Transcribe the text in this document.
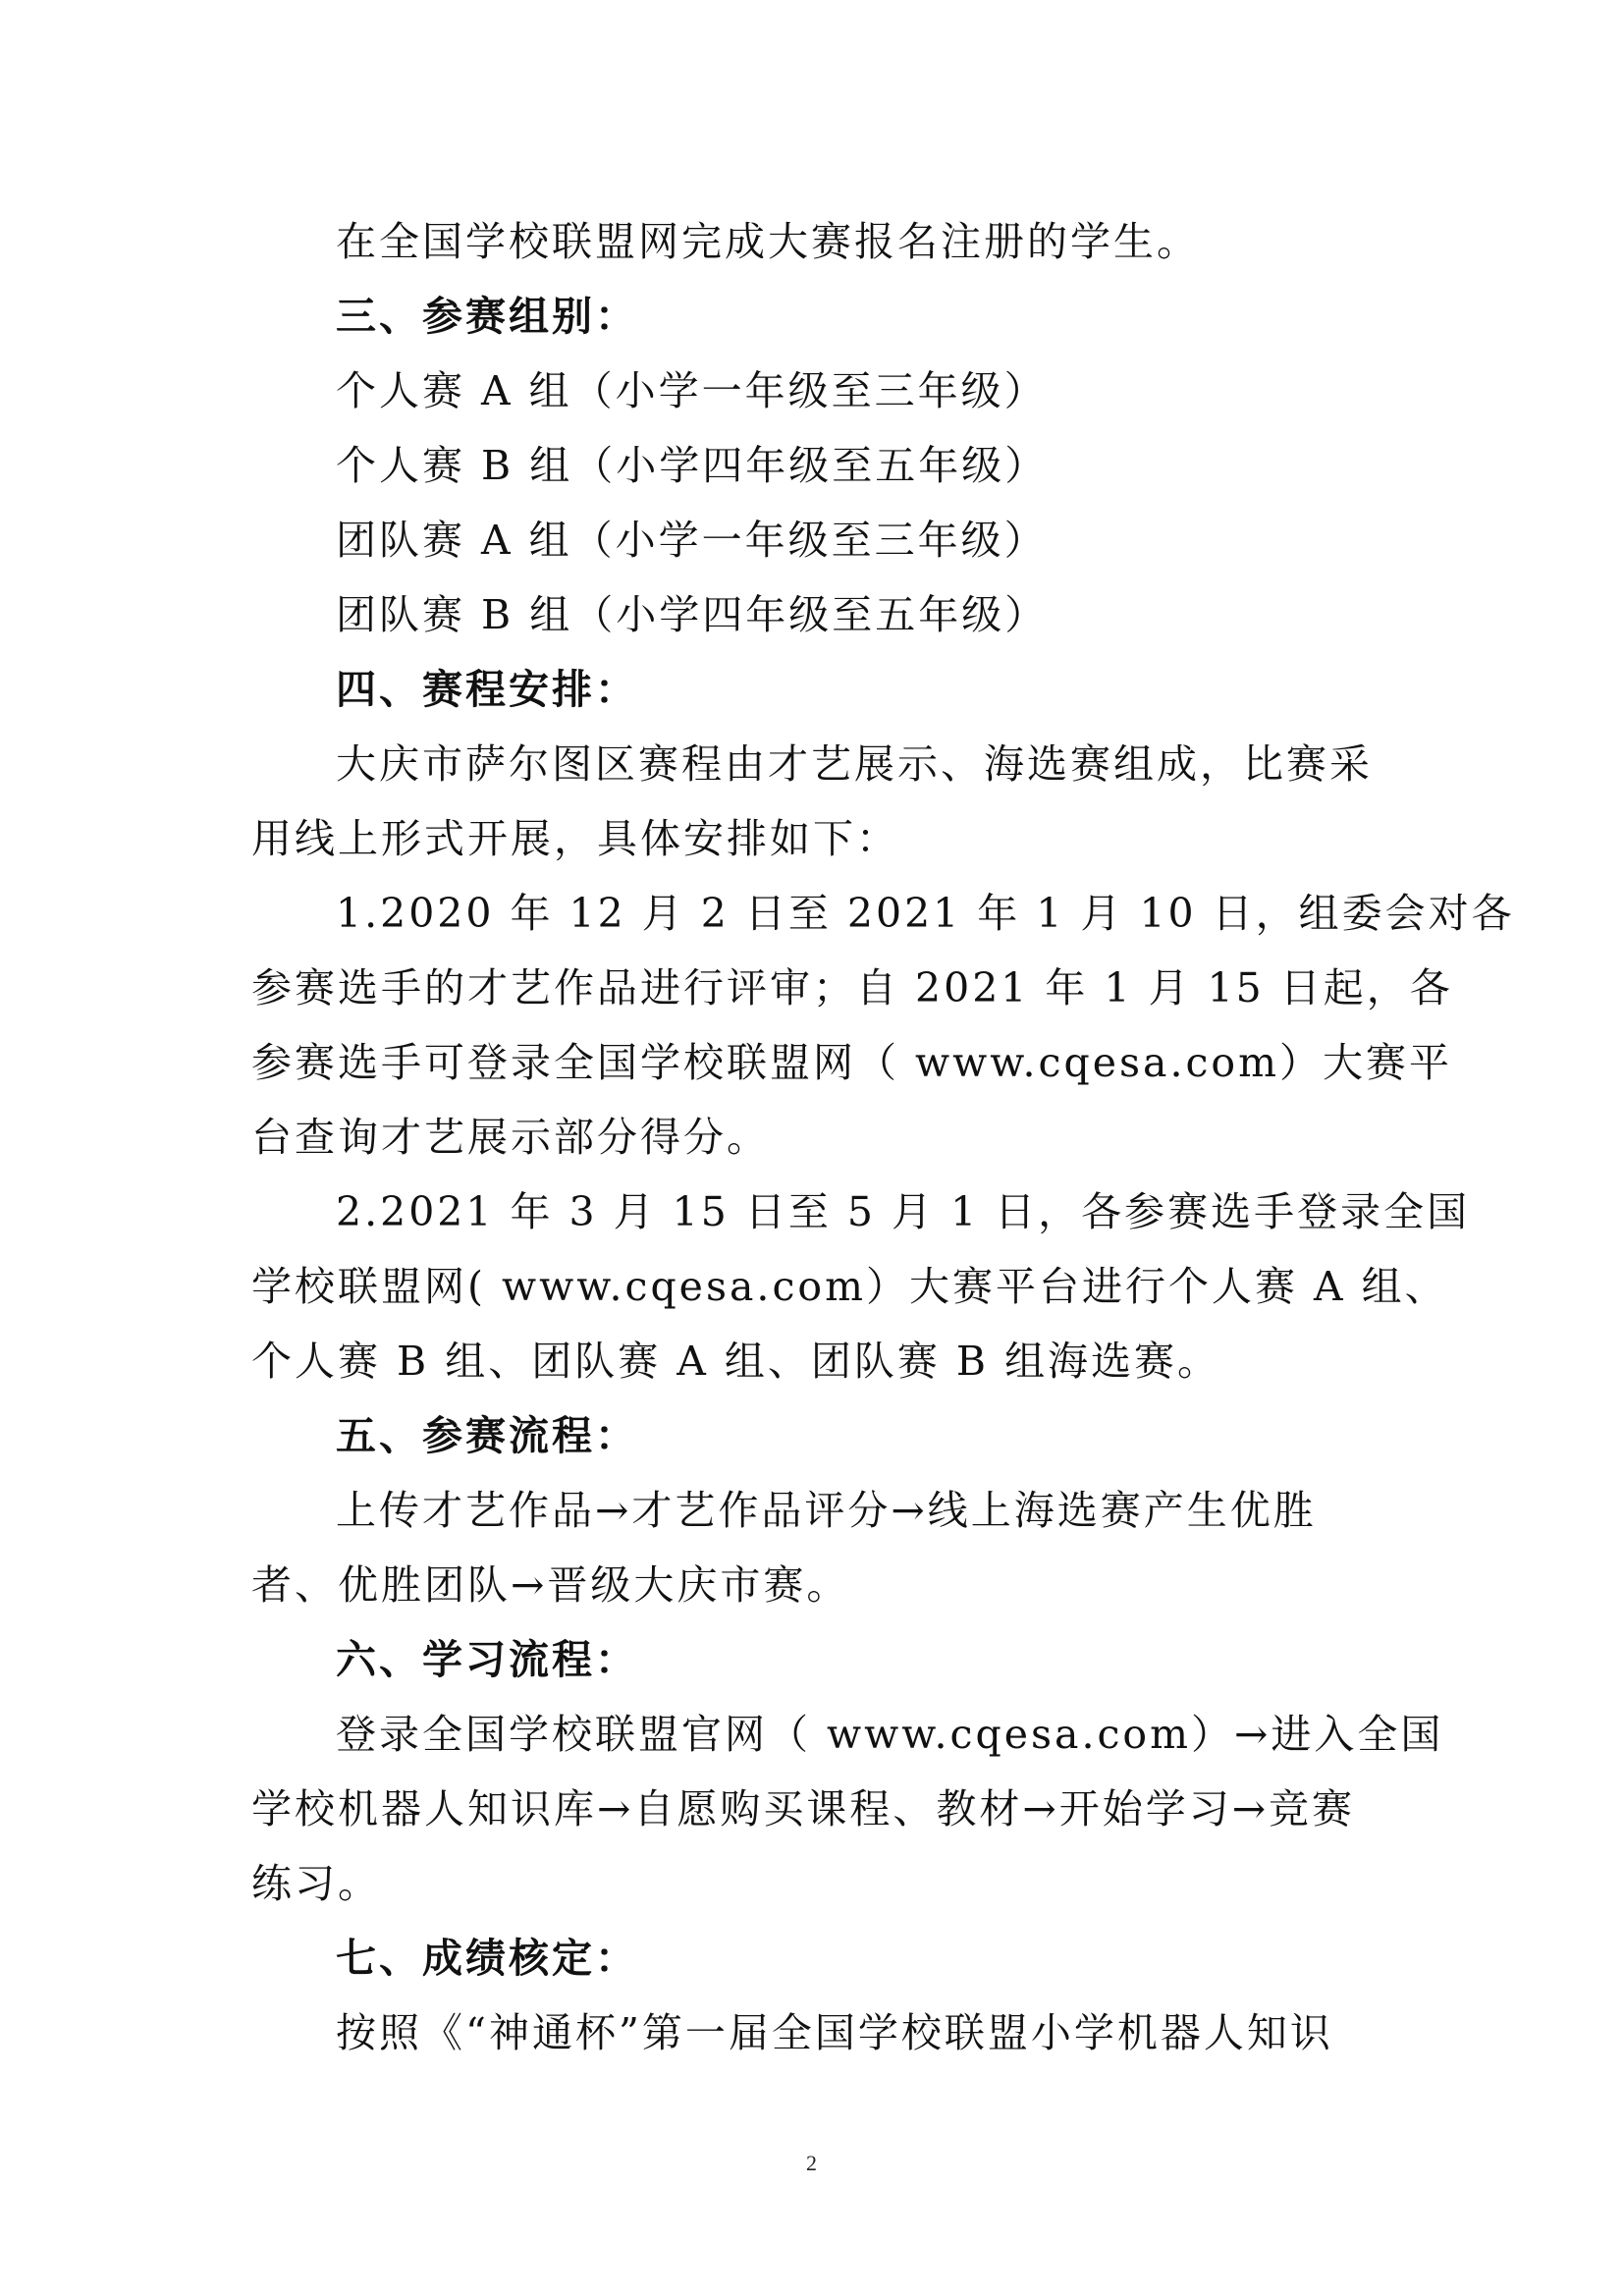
在全国学校联盟网完成大赛报名注册的学生。
三、参赛组别：
个人赛 A 组（小学一年级至三年级）
个人赛 B 组（小学四年级至五年级）
团队赛 A 组（小学一年级至三年级）
团队赛 B 组（小学四年级至五年级）
四、赛程安排：
大庆市萨尔图区赛程由才艺展示、海选赛组成，比赛采
用线上形式开展，具体安排如下：
1.2020 年 12 月 2 日至 2021 年 1 月 10 日，组委会对各
参赛选手的才艺作品进行评审；自 2021 年 1 月 15 日起，各
参赛选手可登录全国学校联盟网（ www.cqesa.com）大赛平
台查询才艺展示部分得分。
2.2021 年 3 月 15 日至 5 月 1 日，各参赛选手登录全国
学校联盟网( www.cqesa.com）大赛平台进行个人赛 A 组、
个人赛 B 组、团队赛 A 组、团队赛 B 组海选赛。
五、参赛流程：
上传才艺作品→才艺作品评分→线上海选赛产生优胜
者、优胜团队→晋级大庆市赛。
六、学习流程：
登录全国学校联盟官网（ www.cqesa.com）→进入全国
学校机器人知识库→自愿购买课程、教材→开始学习→竞赛
练习。
七、成绩核定：
按照《“神通杯”第一届全国学校联盟小学机器人知识
2
